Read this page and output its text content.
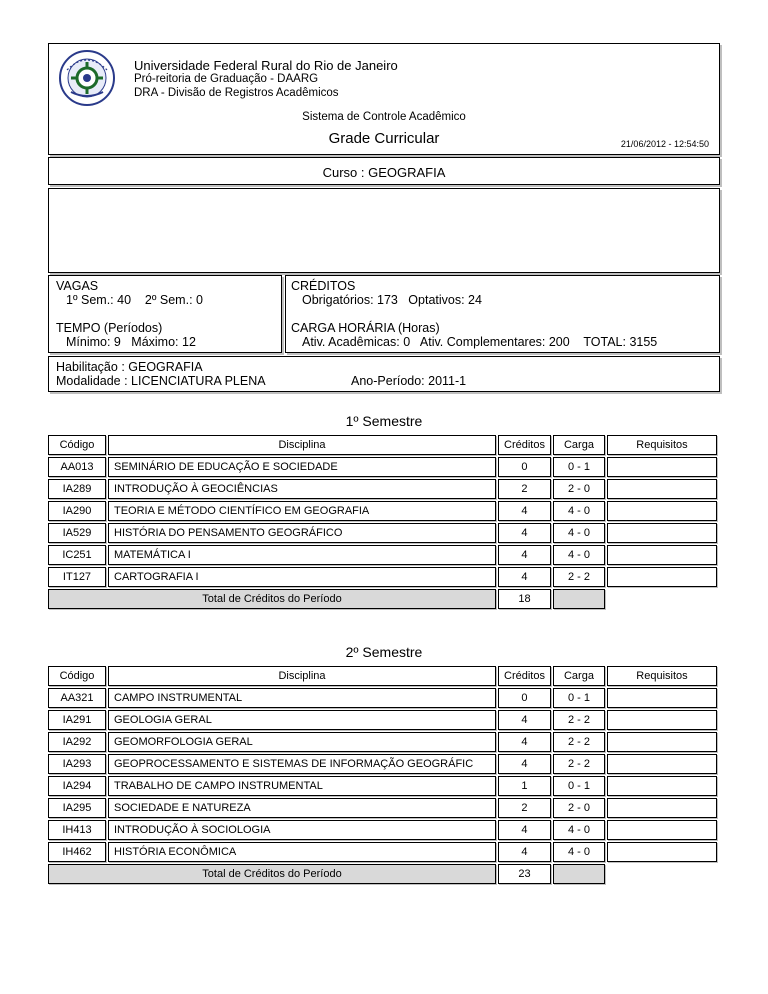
Universidade Federal Rural do Rio de Janeiro
Pró-reitoria de Graduação - DAARG
DRA - Divisão de Registros Acadêmicos
Sistema de Controle Acadêmico
Grade Curricular	21/06/2012 - 12:54:50
Curso : GEOGRAFIA
VAGAS
1º Sem.: 40    2º Sem.: 0
TEMPO (Períodos)
Mínimo: 9   Máximo: 12
CRÉDITOS
Obrigatórios: 173   Optativos: 24
CARGA HORÁRIA (Horas)
Ativ. Acadêmicas: 0   Ativ. Complementares: 200    TOTAL: 3155
Habilitação : GEOGRAFIA
Modalidade : LICENCIATURA PLENA	Ano-Período: 2011-1
1º Semestre
Código	Disciplina	Créditos	Carga	Requisitos
AA013	SEMINÁRIO DE EDUCAÇÃO E SOCIEDADE	0	0 - 1	
IA289	INTRODUÇÃO À GEOCIÊNCIAS	2	2 - 0	
IA290	TEORIA E MÉTODO CIENTÍFICO EM GEOGRAFIA	4	4 - 0	
IA529	HISTÓRIA DO PENSAMENTO GEOGRÁFICO	4	4 - 0	
IC251	MATEMÁTICA I	4	4 - 0	
IT127	CARTOGRAFIA I	4	2 - 2	
Total de Créditos do Período		18		
2º Semestre
Código	Disciplina	Créditos	Carga	Requisitos
AA321	CAMPO INSTRUMENTAL	0	0 - 1	
IA291	GEOLOGIA GERAL	4	2 - 2	
IA292	GEOMORFOLOGIA GERAL	4	2 - 2	
IA293	GEOPROCESSAMENTO E SISTEMAS DE INFORMAÇÃO GEOGRÁFIC	4	2 - 2	
IA294	TRABALHO DE CAMPO INSTRUMENTAL	1	0 - 1	
IA295	SOCIEDADE E NATUREZA	2	2 - 0	
IH413	INTRODUÇÃO À SOCIOLOGIA	4	4 - 0	
IH462	HISTÓRIA ECONÔMICA	4	4 - 0	
Total de Créditos do Período		23		
